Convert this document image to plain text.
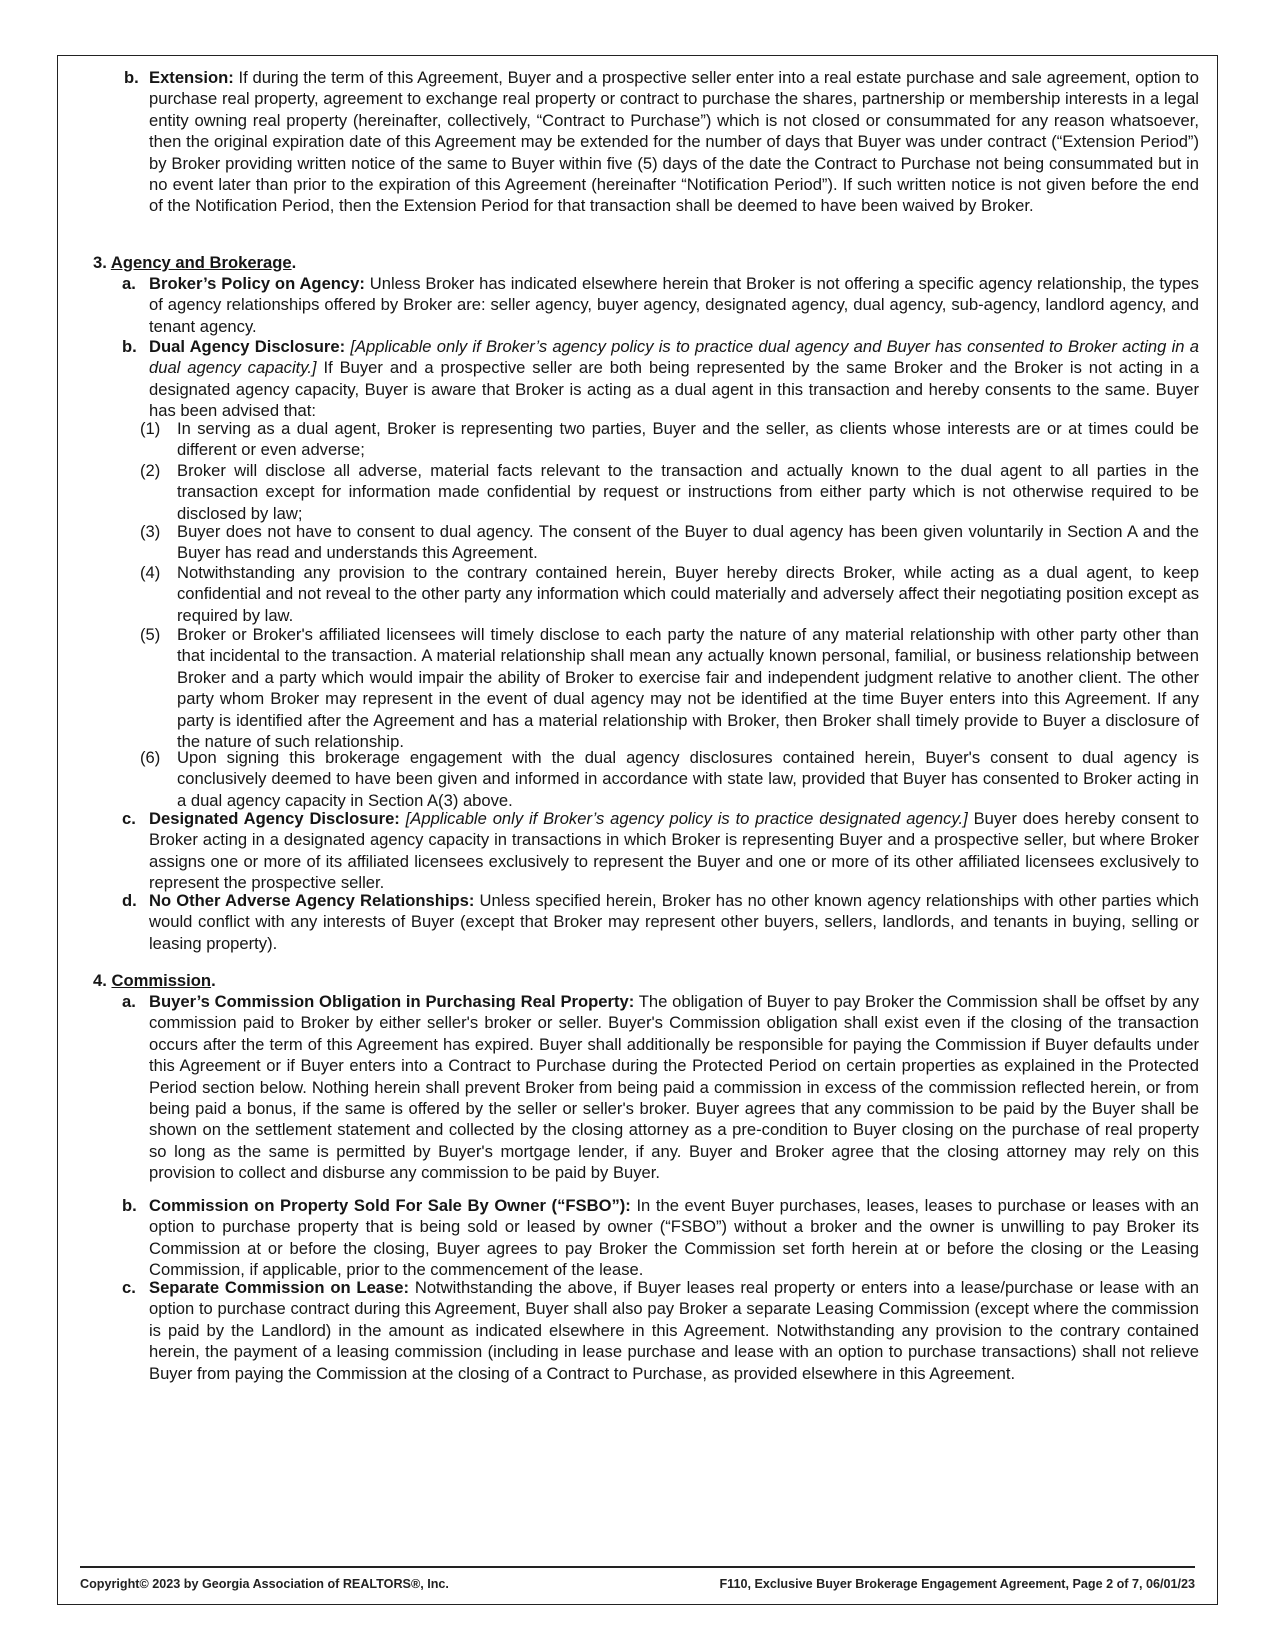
b. Extension: If during the term of this Agreement, Buyer and a prospective seller enter into a real estate purchase and sale agreement, option to purchase real property, agreement to exchange real property or contract to purchase the shares, partnership or membership interests in a legal entity owning real property (hereinafter, collectively, “Contract to Purchase”) which is not closed or consummated for any reason whatsoever, then the original expiration date of this Agreement may be extended for the number of days that Buyer was under contract (“Extension Period”) by Broker providing written notice of the same to Buyer within five (5) days of the date the Contract to Purchase not being consummated but in no event later than prior to the expiration of this Agreement (hereinafter “Notification Period”). If such written notice is not given before the end of the Notification Period, then the Extension Period for that transaction shall be deemed to have been waived by Broker.

3. Agency and Brokerage.
a. Broker’s Policy on Agency: Unless Broker has indicated elsewhere herein that Broker is not offering a specific agency relationship, the types of agency relationships offered by Broker are: seller agency, buyer agency, designated agency, dual agency, sub-agency, landlord agency, and tenant agency.

b. Dual Agency Disclosure: [Applicable only if Broker’s agency policy is to practice dual agency and Buyer has consented to Broker acting in a dual agency capacity.] If Buyer and a prospective seller are both being represented by the same Broker and the Broker is not acting in a designated agency capacity, Buyer is aware that Broker is acting as a dual agent in this transaction and hereby consents to the same. Buyer has been advised that:

(1) In serving as a dual agent, Broker is representing two parties, Buyer and the seller, as clients whose interests are or at times could be different or even adverse;

(2) Broker will disclose all adverse, material facts relevant to the transaction and actually known to the dual agent to all parties in the transaction except for information made confidential by request or instructions from either party which is not otherwise required to be disclosed by law;

(3) Buyer does not have to consent to dual agency. The consent of the Buyer to dual agency has been given voluntarily in Section A and the Buyer has read and understands this Agreement.

(4) Notwithstanding any provision to the contrary contained herein, Buyer hereby directs Broker, while acting as a dual agent, to keep confidential and not reveal to the other party any information which could materially and adversely affect their negotiating position except as required by law.

(5) Broker or Broker's affiliated licensees will timely disclose to each party the nature of any material relationship with other party other than that incidental to the transaction. A material relationship shall mean any actually known personal, familial, or business relationship between Broker and a party which would impair the ability of Broker to exercise fair and independent judgment relative to another client. The other party whom Broker may represent in the event of dual agency may not be identified at the time Buyer enters into this Agreement. If any party is identified after the Agreement and has a material relationship with Broker, then Broker shall timely provide to Buyer a disclosure of the nature of such relationship.

(6) Upon signing this brokerage engagement with the dual agency disclosures contained herein, Buyer's consent to dual agency is conclusively deemed to have been given and informed in accordance with state law, provided that Buyer has consented to Broker acting in a dual agency capacity in Section A(3) above.

c. Designated Agency Disclosure: [Applicable only if Broker’s agency policy is to practice designated agency.] Buyer does hereby consent to Broker acting in a designated agency capacity in transactions in which Broker is representing Buyer and a prospective seller, but where Broker assigns one or more of its affiliated licensees exclusively to represent the Buyer and one or more of its other affiliated licensees exclusively to represent the prospective seller.

d. No Other Adverse Agency Relationships: Unless specified herein, Broker has no other known agency relationships with other parties which would conflict with any interests of Buyer (except that Broker may represent other buyers, sellers, landlords, and tenants in buying, selling or leasing property).

4. Commission.
a. Buyer’s Commission Obligation in Purchasing Real Property: The obligation of Buyer to pay Broker the Commission shall be offset by any commission paid to Broker by either seller's broker or seller. Buyer's Commission obligation shall exist even if the closing of the transaction occurs after the term of this Agreement has expired. Buyer shall additionally be responsible for paying the Commission if Buyer defaults under this Agreement or if Buyer enters into a Contract to Purchase during the Protected Period on certain properties as explained in the Protected Period section below. Nothing herein shall prevent Broker from being paid a commission in excess of the commission reflected herein, or from being paid a bonus, if the same is offered by the seller or seller's broker. Buyer agrees that any commission to be paid by the Buyer shall be shown on the settlement statement and collected by the closing attorney as a pre-condition to Buyer closing on the purchase of real property so long as the same is permitted by Buyer's mortgage lender, if any. Buyer and Broker agree that the closing attorney may rely on this provision to collect and disburse any commission to be paid by Buyer.

b. Commission on Property Sold For Sale By Owner (“FSBO”): In the event Buyer purchases, leases, leases to purchase or leases with an option to purchase property that is being sold or leased by owner (“FSBO”) without a broker and the owner is unwilling to pay Broker its Commission at or before the closing, Buyer agrees to pay Broker the Commission set forth herein at or before the closing or the Leasing Commission, if applicable, prior to the commencement of the lease.

c. Separate Commission on Lease: Notwithstanding the above, if Buyer leases real property or enters into a lease/purchase or lease with an option to purchase contract during this Agreement, Buyer shall also pay Broker a separate Leasing Commission (except where the commission is paid by the Landlord) in the amount as indicated elsewhere in this Agreement. Notwithstanding any provision to the contrary contained herein, the payment of a leasing commission (including in lease purchase and lease with an option to purchase transactions) shall not relieve Buyer from paying the Commission at the closing of a Contract to Purchase, as provided elsewhere in this Agreement.

Copyright© 2023 by Georgia Association of REALTORS®, Inc.	F110, Exclusive Buyer Brokerage Engagement Agreement, Page 2 of 7, 06/01/23
